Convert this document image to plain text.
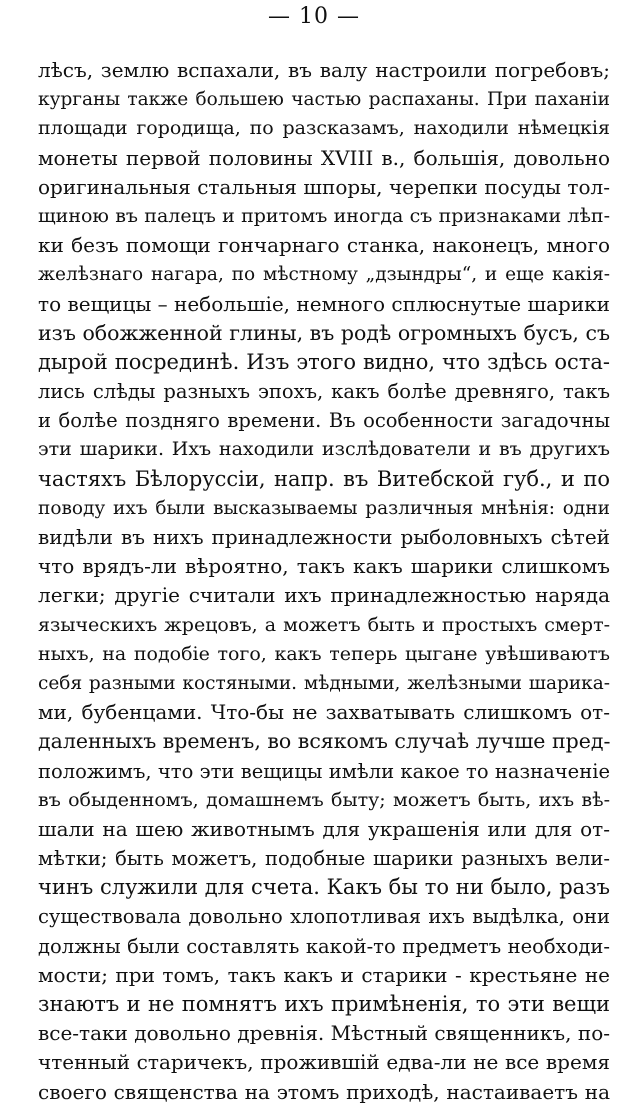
— 10 —
лѣсъ, землю вспахали, въ валу настроили погребовъ;
курганы также большею частью распаханы. При паханіи
площади городища, по разсказамъ, находили нѣмецкія
монеты первой половины XVIII в., большія, довольно
оригинальныя стальныя шпоры, черепки посуды тол-
щиною въ палецъ и притомъ иногда съ признаками лѣп-
ки безъ помощи гончарнаго станка, наконецъ, много
желѣзнаго нагара, по мѣстному „дзындры“, и еще какія-
то вещицы – небольшіе, немного сплюснутые шарики
изъ обожженной глины, въ родѣ огромныхъ бусъ, съ
дырой посрединѣ. Изъ этого видно, что здѣсь оста-
лись слѣды разныхъ эпохъ, какъ болѣе древняго, такъ
и болѣе поздняго времени. Въ особенности загадочны
эти шарики. Ихъ находили изслѣдователи и въ другихъ
частяхъ Бѣлоруссіи, напр. въ Витебской губ., и по
поводу ихъ были высказываемы различныя мнѣнія: одни
видѣли въ нихъ принадлежности рыболовныхъ сѣтей
что врядъ-ли вѣроятно, такъ какъ шарики слишкомъ
легки; другіе считали ихъ принадлежностью наряда
языческихъ жрецовъ, а можетъ быть и простыхъ смерт-
ныхъ, на подобіе того, какъ теперь цыгане увѣшиваютъ
себя разными костяными. мѣдными, желѣзными шарика-
ми, бубенцами. Что-бы не захватывать слишкомъ от-
даленныхъ временъ, во всякомъ случаѣ лучше пред-
положимъ, что эти вещицы имѣли какое то назначеніе
въ обыденномъ, домашнемъ быту; можетъ быть, ихъ вѣ-
шали на шею животнымъ для украшенія или для от-
мѣтки; быть можетъ, подобные шарики разныхъ вели-
чинъ служили для счета. Какъ бы то ни было, разъ
существовала довольно хлопотливая ихъ выдѣлка, они
должны были составлять какой-то предметъ необходи-
мости; при томъ, такъ какъ и старики - крестьяне не
знаютъ и не помнятъ ихъ примѣненія, то эти вещи
все-таки довольно древнія. Мѣстный священникъ, по-
чтенный старичекъ, прожившій едва-ли не все время
своего священства на этомъ приходѣ, настаиваетъ на
